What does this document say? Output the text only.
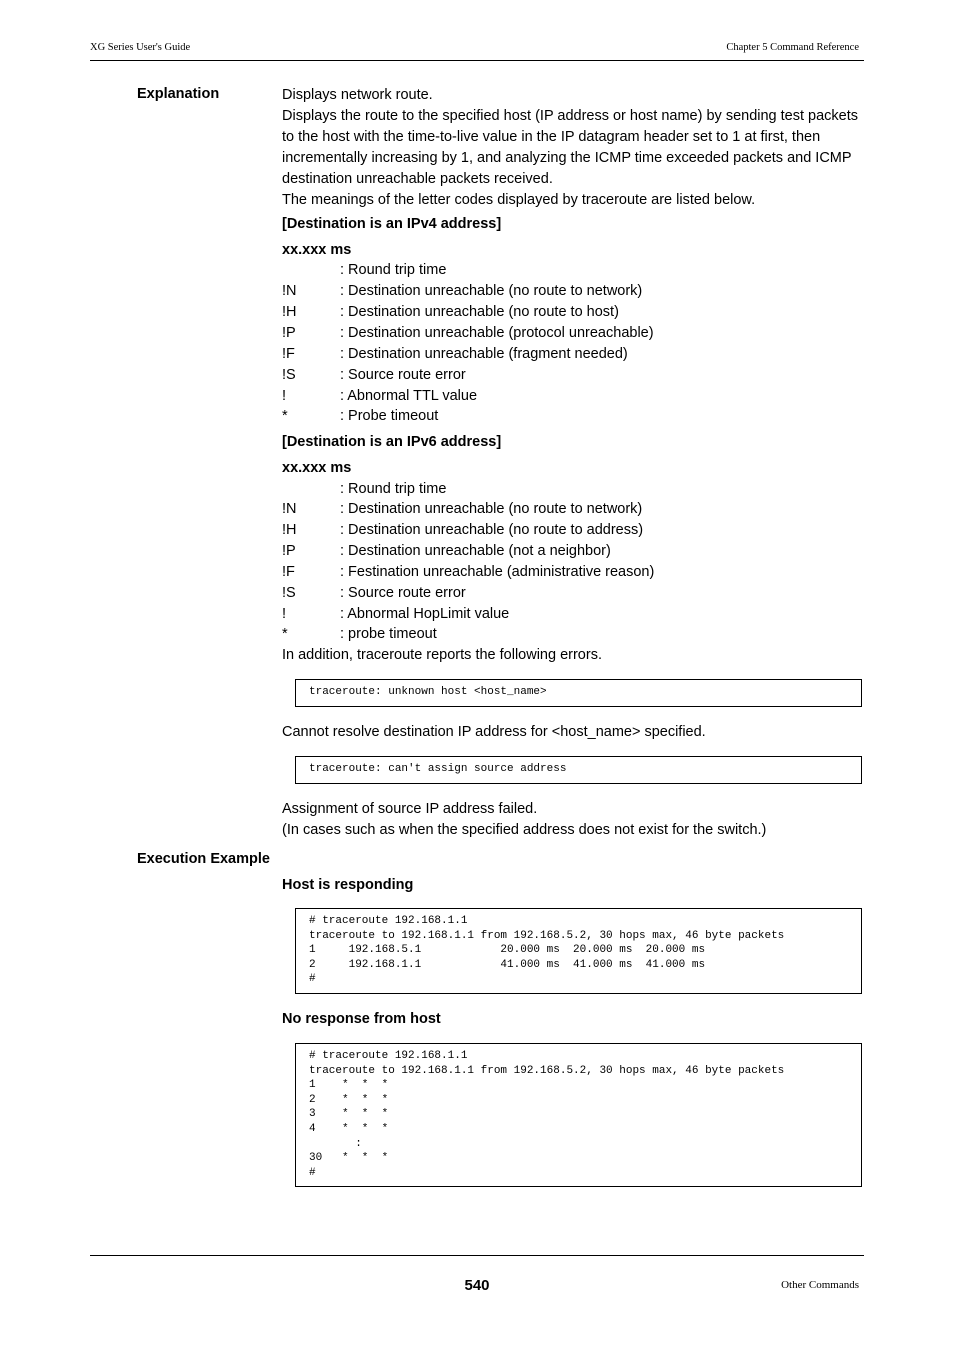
XG Series User's Guide	Chapter 5 Command Reference
Explanation	Displays network route.
Displays the route to the specified host (IP address or host name) by sending test packets to the host with the time-to-live value in the IP datagram header set to 1 at first, then incrementally increasing by 1, and analyzing the ICMP time exceeded packets and ICMP destination unreachable packets received.
The meanings of the letter codes displayed by traceroute are listed below.
[Destination is an IPv4 address]
xx.xxx ms
: Round trip time
!N	: Destination unreachable (no route to network)
!H	: Destination unreachable (no route to host)
!P	: Destination unreachable (protocol unreachable)
!F	: Destination unreachable (fragment needed)
!S	: Source route error
!	: Abnormal TTL value
*	: Probe timeout
[Destination is an IPv6 address]
xx.xxx ms
: Round trip time
!N	: Destination unreachable (no route to network)
!H	: Destination unreachable (no route to address)
!P	: Destination unreachable (not a neighbor)
!F	: Festination unreachable (administrative reason)
!S	: Source route error
!	: Abnormal HopLimit value
*	: probe timeout
In addition, traceroute reports the following errors.
traceroute: unknown host <host_name>
Cannot resolve destination IP address for <host_name> specified.
traceroute: can't assign source address
Assignment of source IP address failed.
(In cases such as when the specified address does not exist for the switch.)
Execution Example
Host is responding
# traceroute 192.168.1.1
traceroute to 192.168.1.1 from 192.168.5.2, 30 hops max, 46 byte packets
1     192.168.5.1            20.000 ms  20.000 ms  20.000 ms
2     192.168.1.1            41.000 ms  41.000 ms  41.000 ms
#
No response from host
# traceroute 192.168.1.1
traceroute to 192.168.1.1 from 192.168.5.2, 30 hops max, 46 byte packets
1    *  *  *
2    *  *  *
3    *  *  *
4    *  *  *
:
30   *  *  *
#
540	Other Commands
